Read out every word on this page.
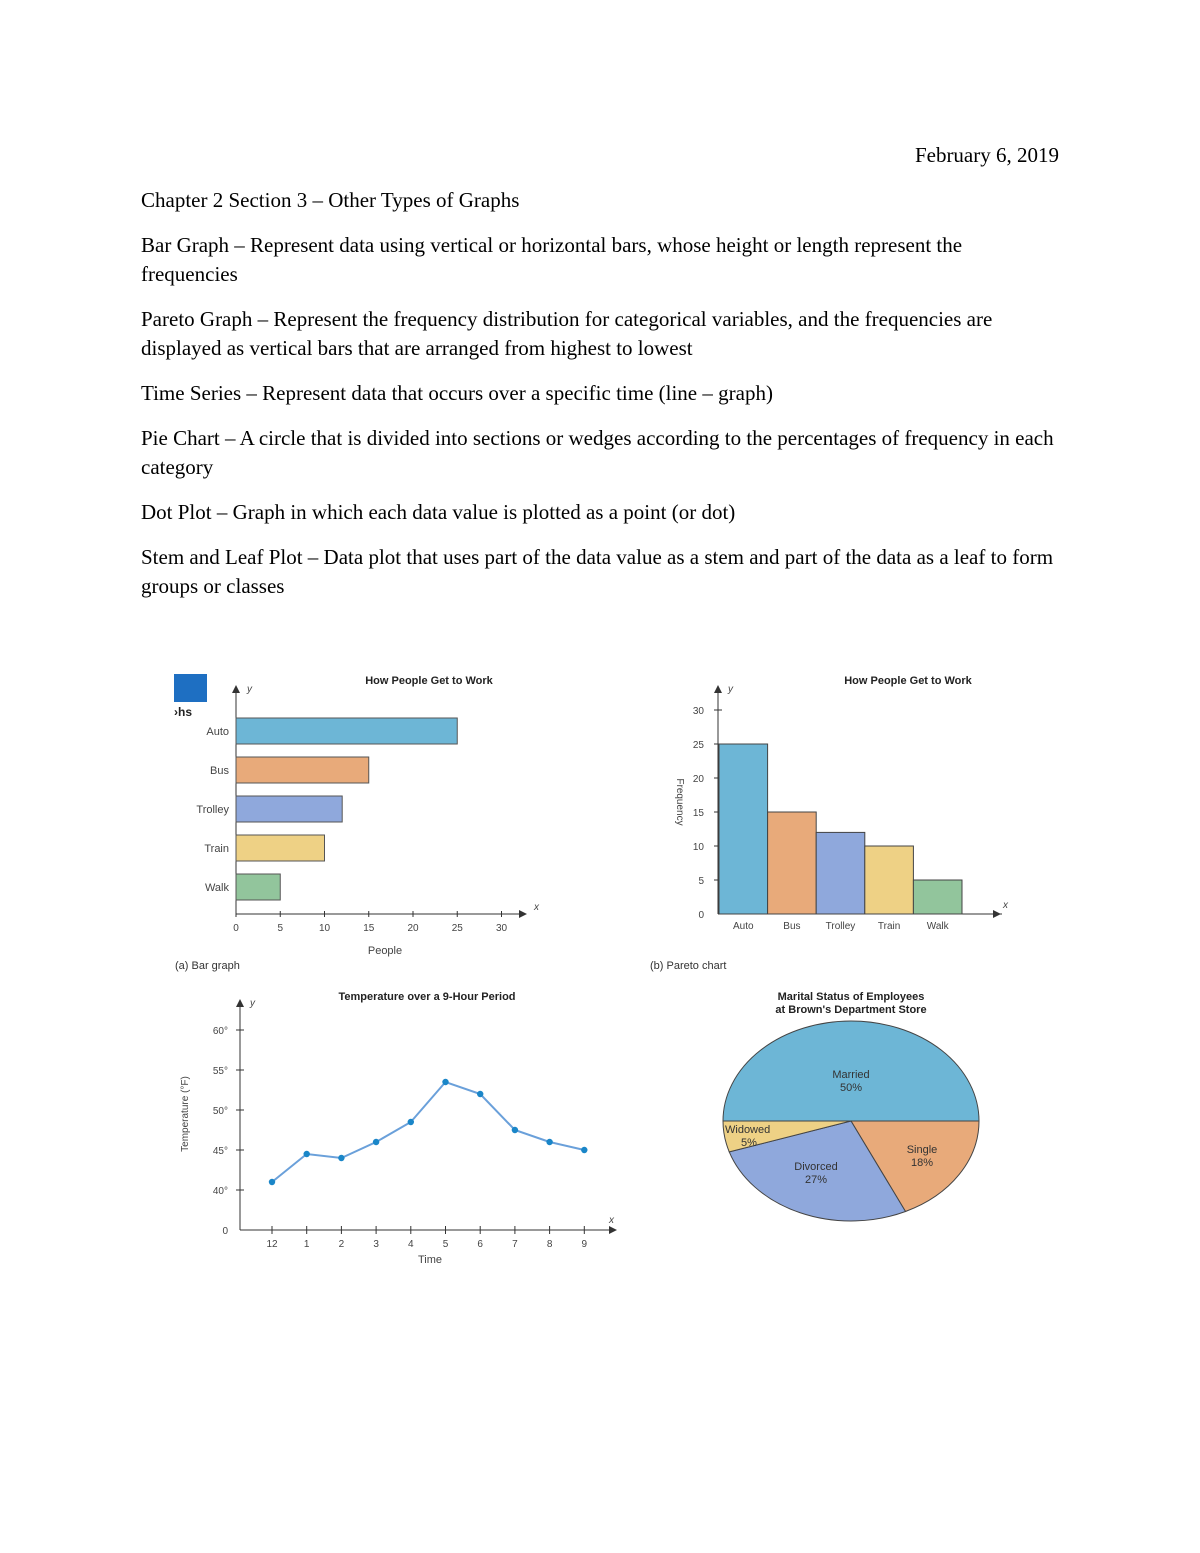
February 6, 2019

Chapter 2 Section 3 – Other Types of Graphs

Bar Graph – Represent data using vertical or horizontal bars, whose height or length represent the frequencies

Pareto Graph – Represent the frequency distribution for categorical variables, and the frequencies are displayed as vertical bars that are arranged from highest to lowest

Time Series – Represent data that occurs over a specific time (line – graph)

Pie Chart – A circle that is divided into sections or wedges according to the percentages of frequency in each category

Dot Plot – Graph in which each data value is plotted as a point (or dot)

Stem and Leaf Plot – Data plot that uses part of the data value as a stem and part of the data as a leaf to form groups or classes

›hs
How People Get to Work
y
x
0	5	10	15	20	25	30
People
Auto
Bus
Trolley
Train
Walk
(a) Bar graph
How People Get to Work
y
x
0
5
10
15
20
25
30
Frequency
Auto	Bus	Trolley Train	Walk
(b) Pareto chart
Temperature over a 9-Hour Period
y
x
0
40°
45°
50°
55°
60°
Temperature (°F)
12	1	2	3	4	5	6	7	8	9
Time
Marital Status of Employees
at Brown's Department Store
Married
50%
Single
18%
Divorced
27%
Widowed
5%
